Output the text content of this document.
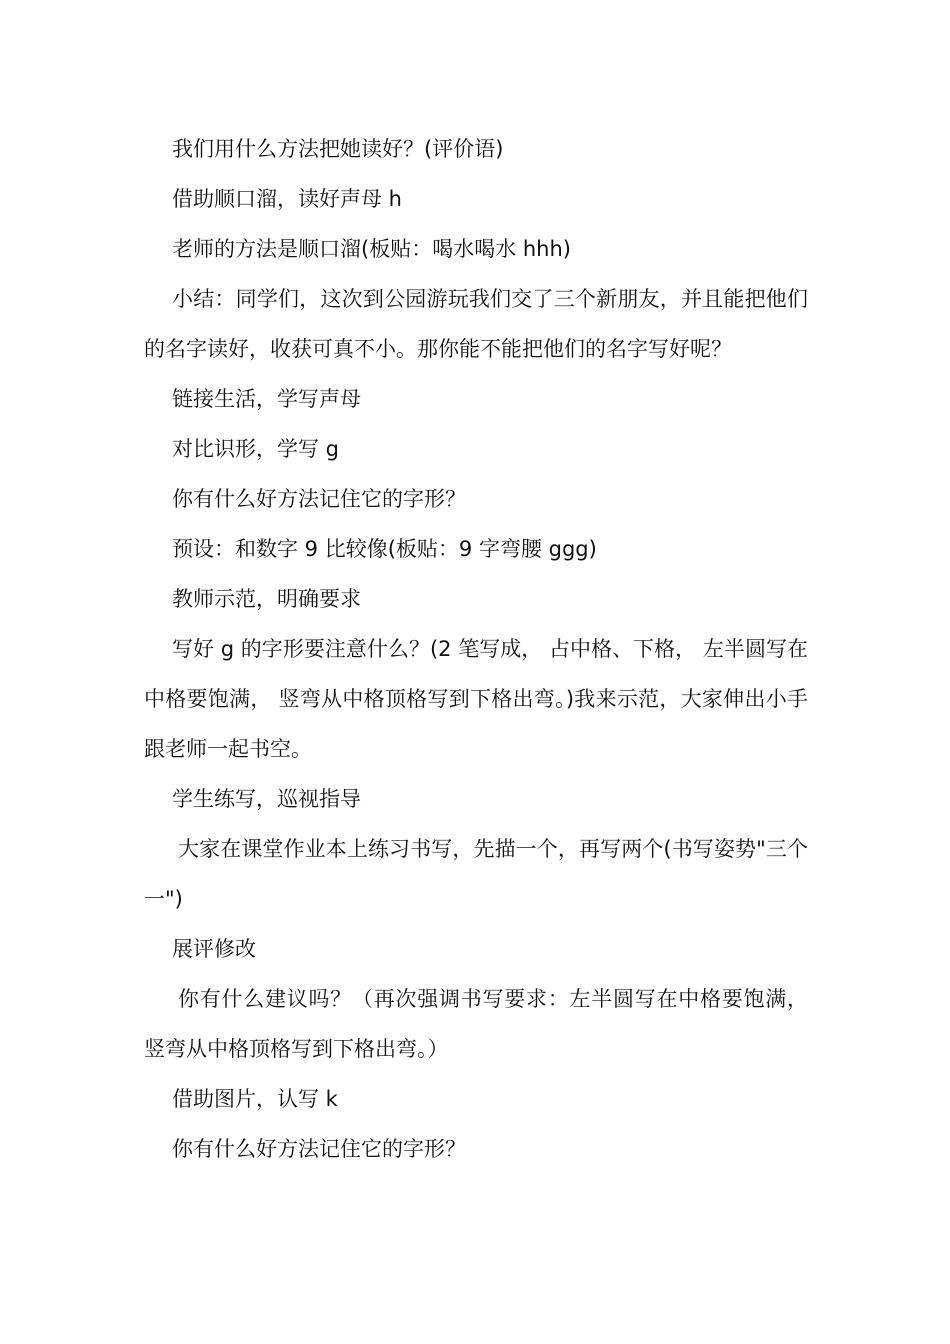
我们用什么方法把她读好？(评价语)

借助顺口溜，读好声母 h

老师的方法是顺口溜(板贴：喝水喝水 hhh)

小结：同学们，这次到公园游玩我们交了三个新朋友，并且能把他们的名字读好，收获可真不小。那你能不能把他们的名字写好呢？

链接生活，学写声母

对比识形，学写 g

你有什么好方法记住它的字形？

预设：和数字 9 比较像(板贴：9 字弯腰 ggg)

教师示范，明确要求

写好 g 的字形要注意什么？(2 笔写成， 占中格、下格， 左半圆写在中格要饱满， 竖弯从中格顶格写到下格出弯。)我来示范，大家伸出小手跟老师一起书空。

学生练写，巡视指导

大家在课堂作业本上练习书写，先描一个，再写两个(书写姿势"三个一")

展评修改

你有什么建议吗？（再次强调书写要求：左半圆写在中格要饱满， 竖弯从中格顶格写到下格出弯。）

借助图片，认写 k

你有什么好方法记住它的字形？
